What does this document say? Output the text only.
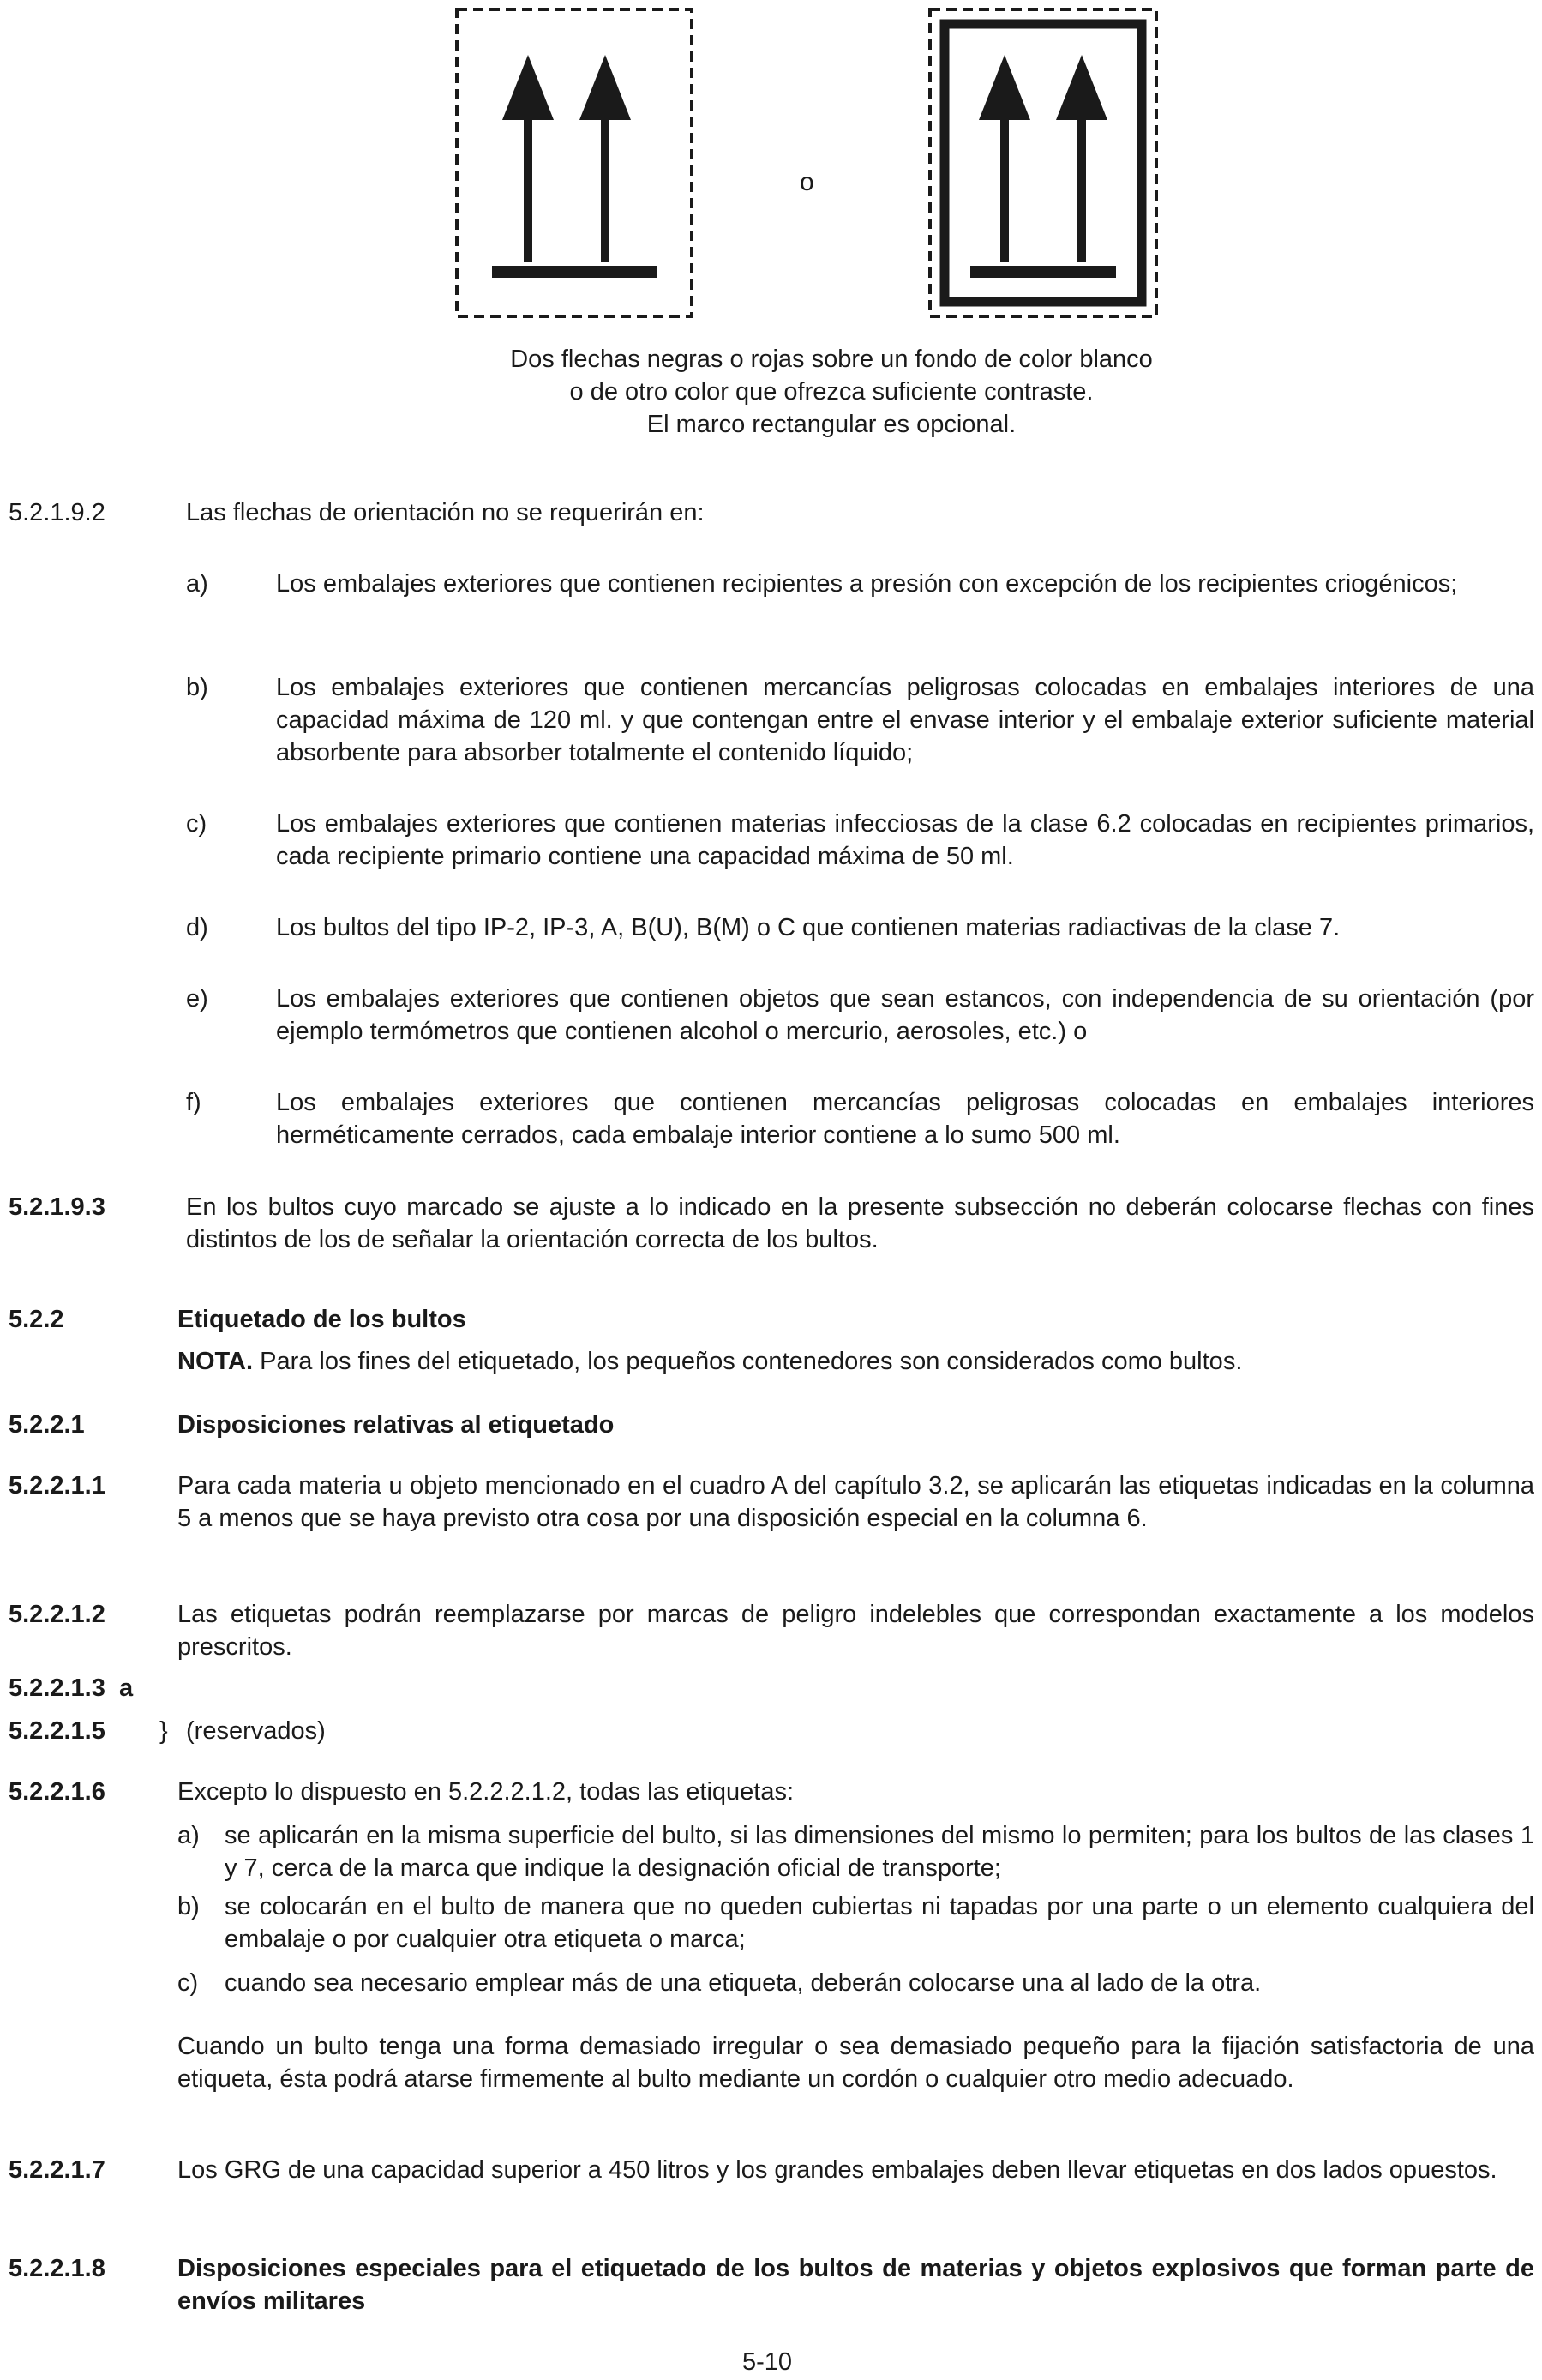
o
Dos flechas negras o rojas sobre un fondo de color blanco
o de otro color que ofrezca suficiente contraste.
El marco rectangular es opcional.
5.2.1.9.2	Las flechas de orientación no se requerirán en:
a)	Los embalajes exteriores que contienen recipientes a presión con excepción de los recipientes criogénicos;
b)	Los embalajes exteriores que contienen mercancías peligrosas colocadas en embalajes interiores de una capacidad máxima de 120 ml. y que contengan entre el envase interior y el embalaje exterior suficiente material absorbente para absorber totalmente el contenido líquido;
c)	Los embalajes exteriores que contienen materias infecciosas de la clase 6.2 colocadas en recipientes primarios, cada recipiente primario contiene una capacidad máxima de 50 ml.
d)	Los bultos del tipo IP-2, IP-3, A, B(U), B(M) o C que contienen materias radiactivas de la clase 7.
e)	Los embalajes exteriores que contienen objetos que sean estancos, con independencia de su orientación (por ejemplo termómetros que contienen alcohol o mercurio, aerosoles, etc.) o
f)	Los embalajes exteriores que contienen mercancías peligrosas colocadas en embalajes interiores herméticamente cerrados, cada embalaje interior contiene a lo sumo 500 ml.
5.2.1.9.3	En los bultos cuyo marcado se ajuste a lo indicado en la presente subsección no deberán colocarse flechas con fines distintos de los de señalar la orientación correcta de los bultos.
5.2.2	Etiquetado de los bultos
NOTA. Para los fines del etiquetado, los pequeños contenedores son considerados como bultos.
5.2.2.1	Disposiciones relativas al etiquetado
5.2.2.1.1	Para cada materia u objeto mencionado en el cuadro A del capítulo 3.2, se aplicarán las etiquetas indicadas en la columna 5 a menos que se haya previsto otra cosa por una disposición especial en la columna 6.
5.2.2.1.2	Las etiquetas podrán reemplazarse por marcas de peligro indelebles que correspondan exactamente a los modelos prescritos.
5.2.2.1.3  a
5.2.2.1.5 } (reservados)
5.2.2.1.6	Excepto lo dispuesto en 5.2.2.2.1.2, todas las etiquetas:
a) se aplicarán en la misma superficie del bulto, si las dimensiones del mismo lo permiten; para los bultos de las clases 1 y 7, cerca de la marca que indique la designación oficial de transporte;
b) se colocarán en el bulto de manera que no queden cubiertas ni tapadas por una parte o un elemento cualquiera del embalaje o por cualquier otra etiqueta o marca;
c) cuando sea necesario emplear más de una etiqueta, deberán colocarse una al lado de la otra.
Cuando un bulto tenga una forma demasiado irregular o sea demasiado pequeño para la fijación satisfactoria de una etiqueta, ésta podrá atarse firmemente al bulto mediante un cordón o cualquier otro medio adecuado.
5.2.2.1.7	Los GRG de una capacidad superior a 450 litros y los grandes embalajes deben llevar etiquetas en dos lados opuestos.
5.2.2.1.8	Disposiciones especiales para el etiquetado de los bultos de materias y objetos explosivos que forman parte de envíos militares
5-10
